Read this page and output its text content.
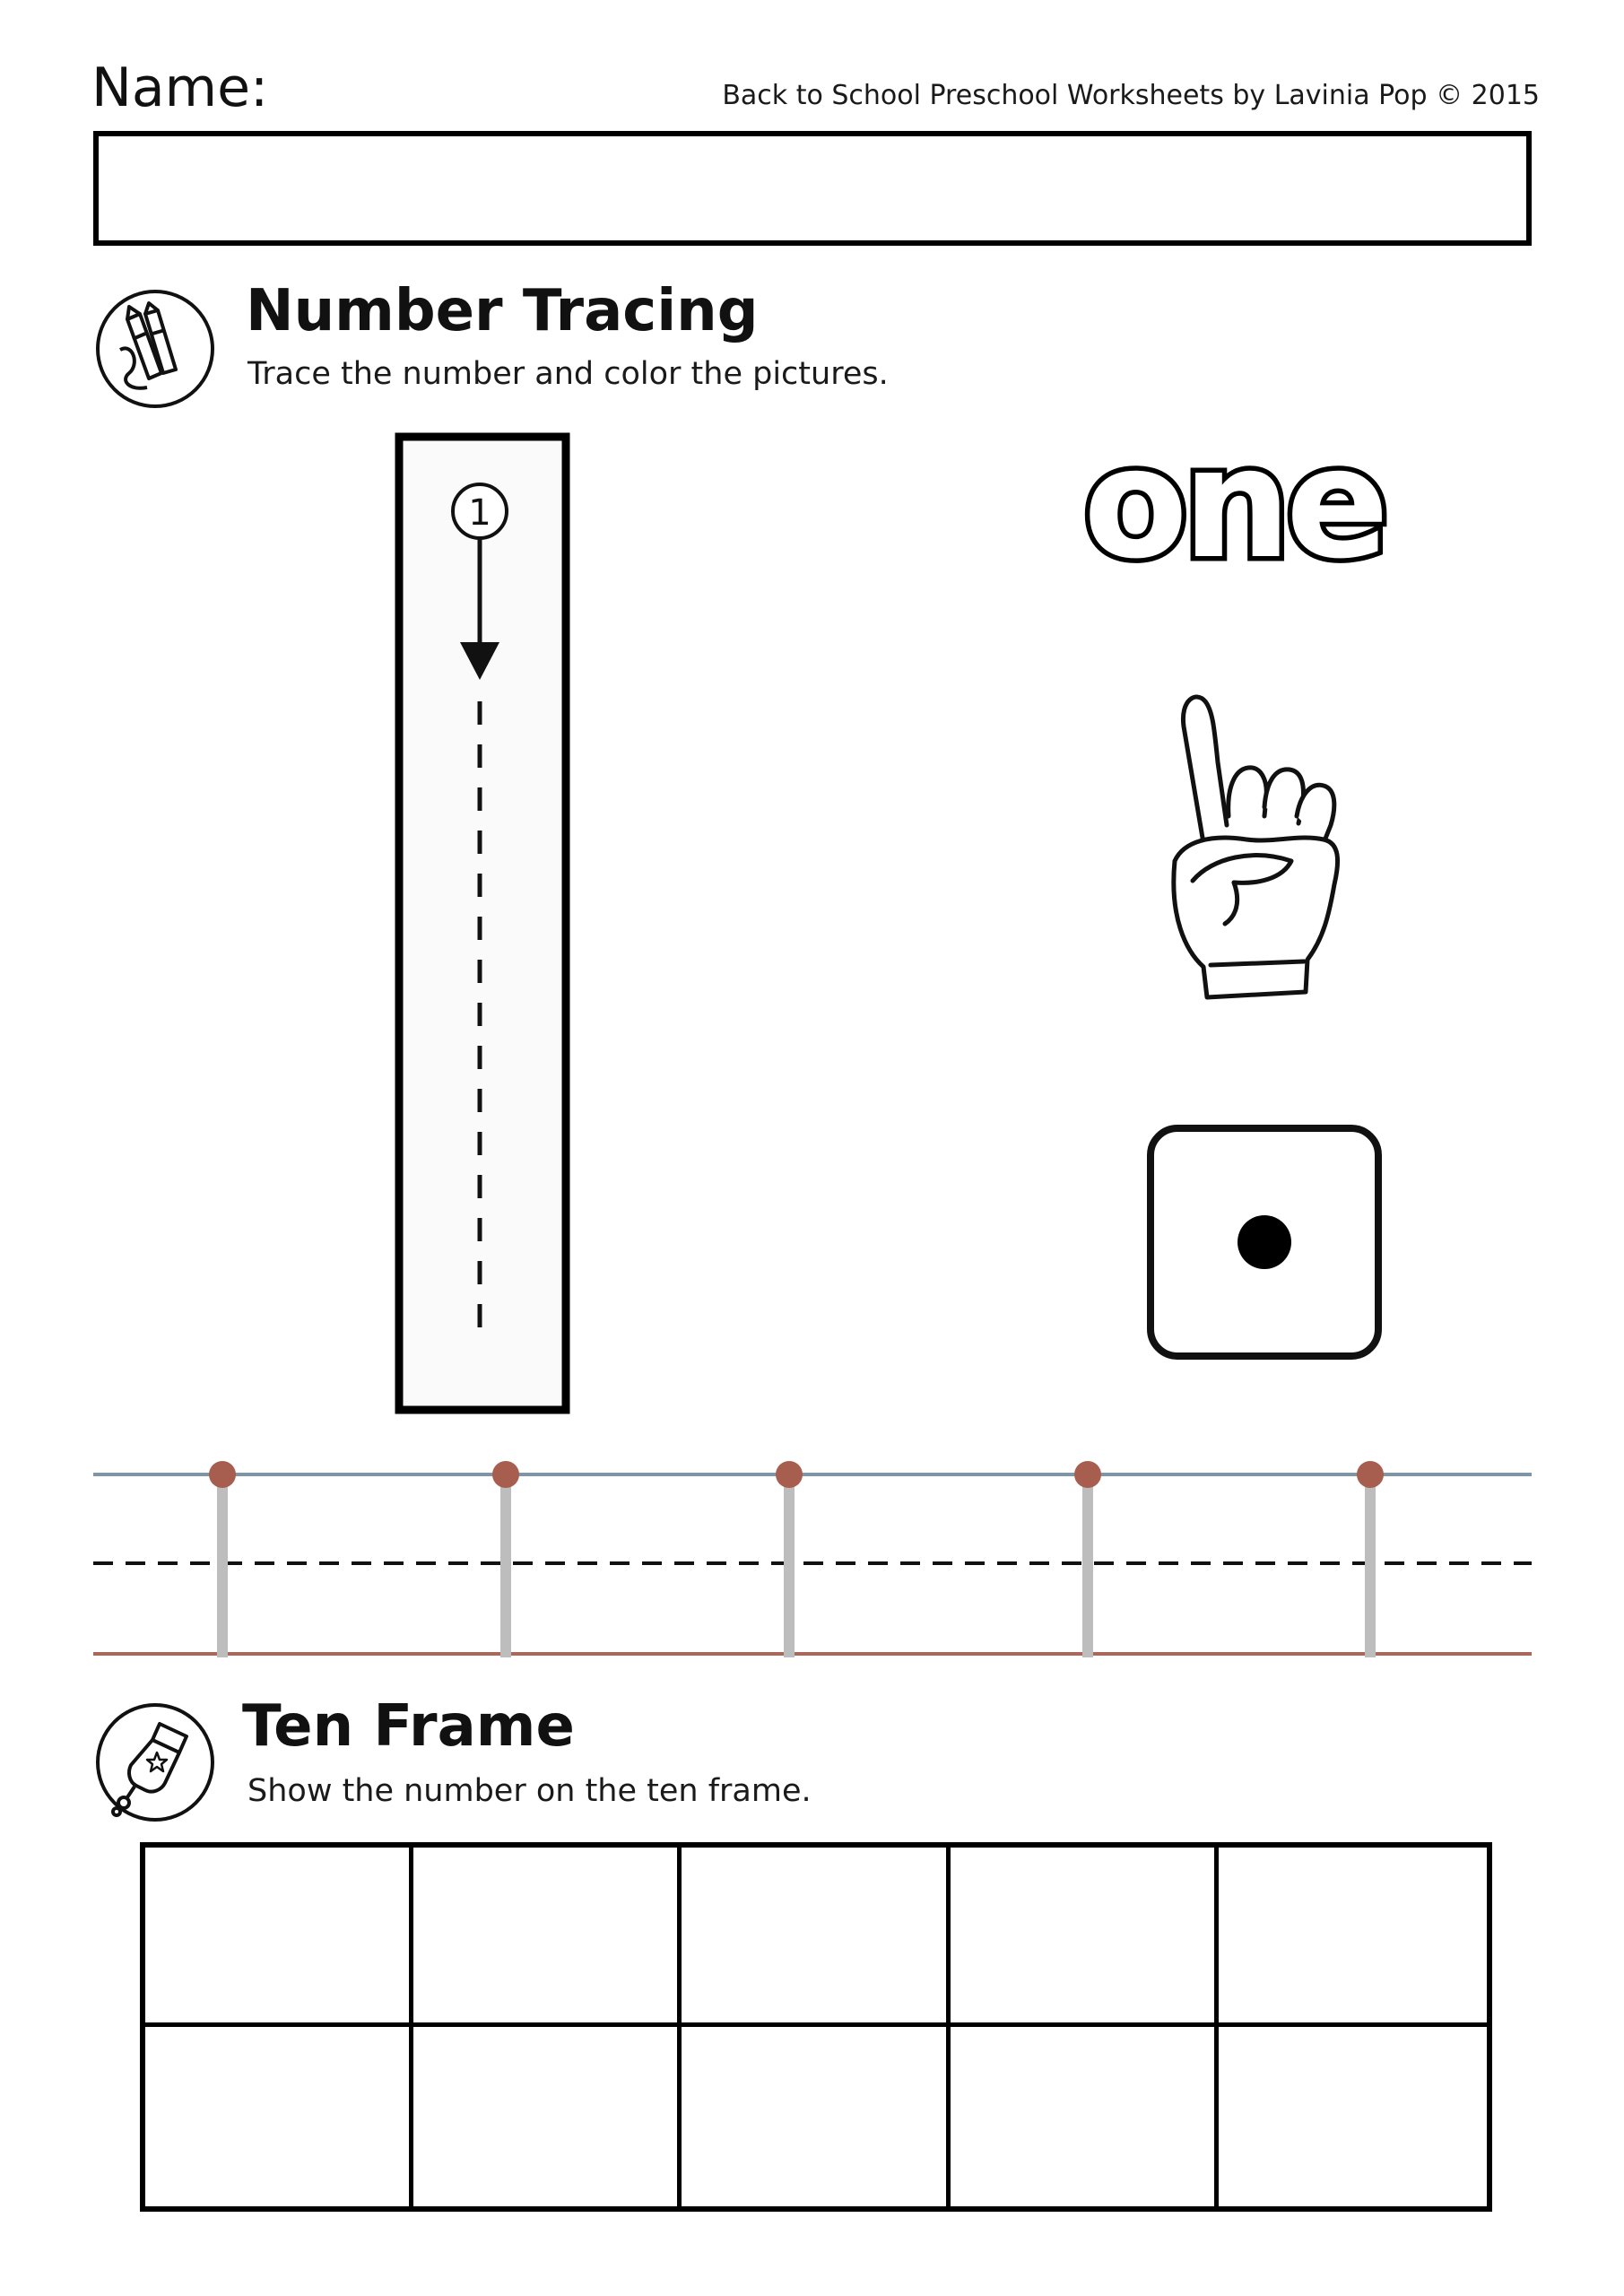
Name:	Back to School Preschool Worksheets by Lavinia Pop © 2015
Number Tracing
Trace the number and color the pictures.
1	one
Ten Frame
Show the number on the ten frame.
